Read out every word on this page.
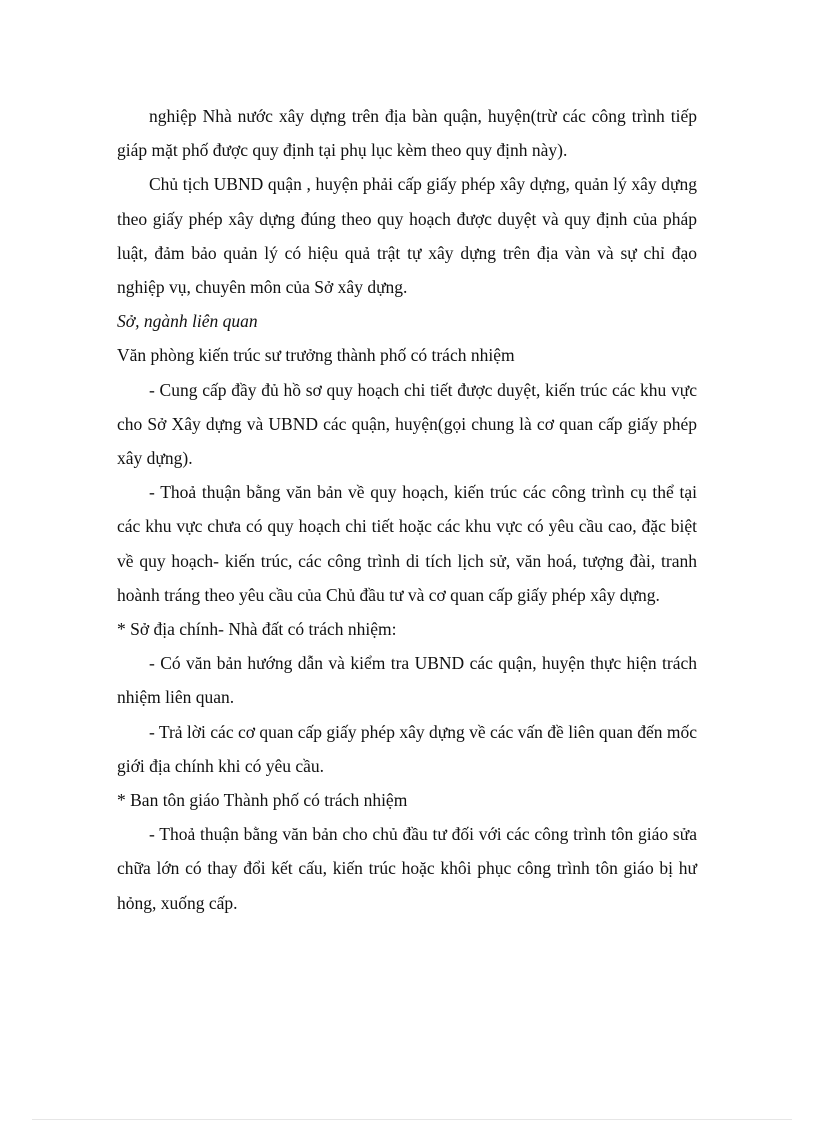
nghiệp Nhà nước xây dựng trên địa bàn quận, huyện(trừ các công trình tiếp giáp mặt phố được quy định tại phụ lục kèm theo quy định này).

Chủ tịch UBND quận , huyện phải cấp giấy phép xây dựng, quản lý xây dựng theo giấy phép xây dựng đúng theo quy hoạch được duyệt và quy định của pháp luật, đảm bảo quản lý có hiệu quả trật tự xây dựng trên địa vàn và sự chỉ đạo nghiệp vụ, chuyên môn của Sở xây dựng.

Sở, ngành liên quan

Văn phòng kiến trúc sư trưởng thành phố có trách nhiệm

- Cung cấp đầy đủ hồ sơ quy hoạch chi tiết được duyệt, kiến trúc các khu vực cho Sở Xây dựng và UBND các quận, huyện(gọi chung là cơ quan cấp giấy phép xây dựng).

- Thoả thuận bằng văn bản về quy hoạch, kiến trúc các công trình cụ thể tại các khu vực chưa có quy hoạch chi tiết hoặc các khu vực có yêu cầu cao, đặc biệt về quy hoạch- kiến trúc, các công trình di tích lịch sử, văn hoá, tượng đài, tranh hoành tráng theo yêu cầu của Chủ đầu tư và cơ quan cấp giấy phép xây dựng.

* Sở địa chính- Nhà đất có trách nhiệm:

- Có văn bản hướng dẫn và kiểm tra UBND các quận, huyện thực hiện trách nhiệm liên quan.

- Trả lời các cơ quan cấp giấy phép xây dựng về các vấn đề liên quan đến mốc giới địa chính khi có yêu cầu.

* Ban tôn giáo Thành phố có trách nhiệm

- Thoả thuận bằng văn bản cho chủ đầu tư đối với các công trình tôn giáo sửa chữa lớn có thay đổi kết cấu, kiến trúc hoặc khôi phục công trình tôn giáo bị hư hỏng, xuống cấp.
